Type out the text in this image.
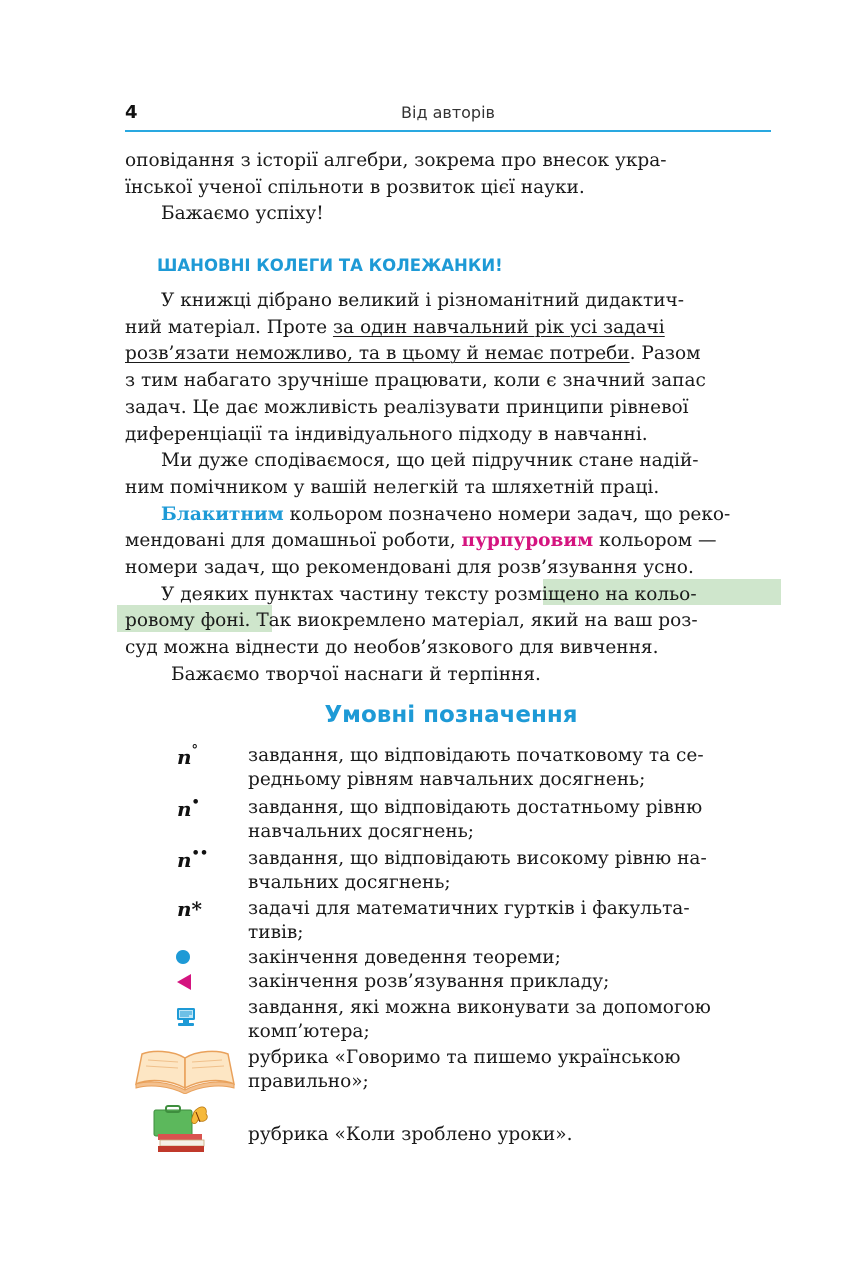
4	Від авторів

оповідання з історії алгебри, зокрема про внесок укра-

їнської ученої спільноти в розвиток цієї науки.

Бажаємо успіху!

ШАНОВНІ КОЛЕГИ ТА КОЛЕЖАНКИ!

У книжці дібрано великий і різноманітний дидактич-

ний матеріал. Проте за один навчальний рік усі задачі

розв’язати неможливо, та в цьому й немає потреби. Разом

з тим набагато зручніше працювати, коли є значний запас

задач. Це дає можливість реалізувати принципи рівневої

диференціації та індивідуального підходу в навчанні.

Ми дуже сподіваємося, що цей підручник стане надій-

ним помічником у вашій нелегкій та шляхетній праці.

Блакитним кольором позначено номери задач, що реко-

мендовані для домашньої роботи, пурпуровим кольором —

номери задач, що рекомендовані для розв’язування усно.

У деяких пунктах частину тексту розміщено на кольо-

ровому фоні. Так виокремлено матеріал, який на ваш роз-

суд можна віднести до необов’язкового для вивчення.

Бажаємо творчої наснаги й терпіння.

Умовні позначення
n°	завдання, що відповідають початковому та се-
редньому рівням навчальних досягнень;
n•	завдання, що відповідають достатньому рівню
навчальних досягнень;
n•• завдання, що відповідають високому рівню на-
вчальних досягнень;
n* задачі для математичних гуртків і факульта-
тивів;
закінчення доведення теореми;
закінчення розв’язування прикладу;
завдання, які можна виконувати за допомогою
комп’ютера;
рубрика «Говоримо та пишемо українською
правильно»;
рубрика «Коли зроблено уроки».
